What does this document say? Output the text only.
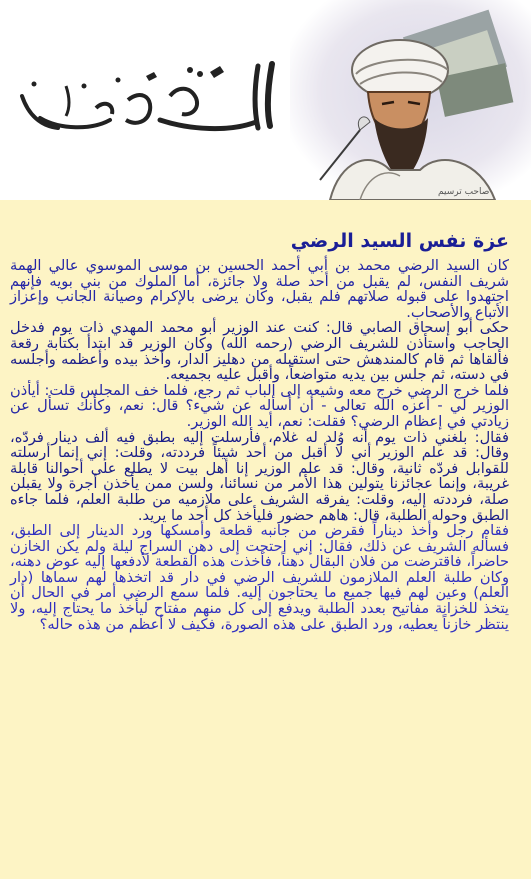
صاحب ترسيم
عزة نفس السيد الرضي

كان السيد الرضي محمد بن أبي أحمد الحسين بن موسى الموسوي عالي الهمة شريف النفس، لم يقبل من أحد صلة ولا جائزة، أما الملوك من بني بويه فإنهم اجتهدوا على قبوله صلاتهم فلم يقبل، وكان يرضى بالإكرام وصيانة الجانب وإعزاز الأتباع والأصحاب.

حكى أبو إسحاق الصابي قال: كنت عند الوزير أبو محمد المهدي ذات يوم فدخل الحاجب واستأذن للشريف الرضي (رحمه الله) وكان الوزير قد ابتدأ بكتابة رقعة فألقاها ثم قام كالمندهش حتى استقبله من دهليز الدار، وأخذ بيده وأعظمه وأجلسه في دسته، ثم جلس بين يديه متواضعاً، وأقبل عليه بجميعه.

فلما خرج الرضي خرج معه وشيعه إلى الباب ثم رجع، فلما خف المجلس قلت: أيأذن الوزير لي - أعزه الله تعالى - أن أسأله عن شيء؟ قال: نعم، وكأنك تسأل عن زيادتي في إعظام الرضي؟ فقلت: نعم، أيد الله الوزير.

فقال: بلغني ذات يوم أنه وُلد له غلام، فأرسلت إليه بطبق فيه ألف دينار فردّه، وقال: قد علم الوزير أني لا أقبل من أحد شيئاً فرددته، وقلت: إني إنما أرسلته للقوابل فردّه ثانية، وقال: قد علم الوزير إنا أهل بيت لا يطلع على أحوالنا قابلة غريبة، وإنما عجائزنا يتولين هذا الأمر من نسائنا، ولسن ممن يأخذن أجرة ولا يقبلن صلة، فرددته إليه، وقلت: يفرقه الشريف على ملازميه من طلبة العلم، فلما جاءه الطبق وحوله الطلبة، قال: هاهم حضور فليأخذ كل أحد ما يريد.

فقام رجل وأخذ ديناراً فقرض من جانبه قطعة وأمسكها ورد الدينار إلى الطبق، فسأله الشريف عن ذلك، فقال: إني احتجت إلى دهن السراج ليلة ولم يكن الخازن حاضراً، فاقترضت من فلان البقال دهناً، فأخذت هذه القطعة لأدفعها إليه عوض دهنه، وكان طلبة العلم الملازمون للشريف الرضي في دار قد اتخذها لهم سماها (دار العلم) وعين لهم فيها جميع ما يحتاجون إليه. فلما سمع الرضي أمر في الحال أن يتخذ للخزانة مفاتيح بعدد الطلبة ويدفع إلى كل منهم مفتاح ليأخذ ما يحتاج إليه، ولا ينتظر خازناً يعطيه، ورد الطبق على هذه الصورة، فكيف لا أعظم من هذه حاله؟
